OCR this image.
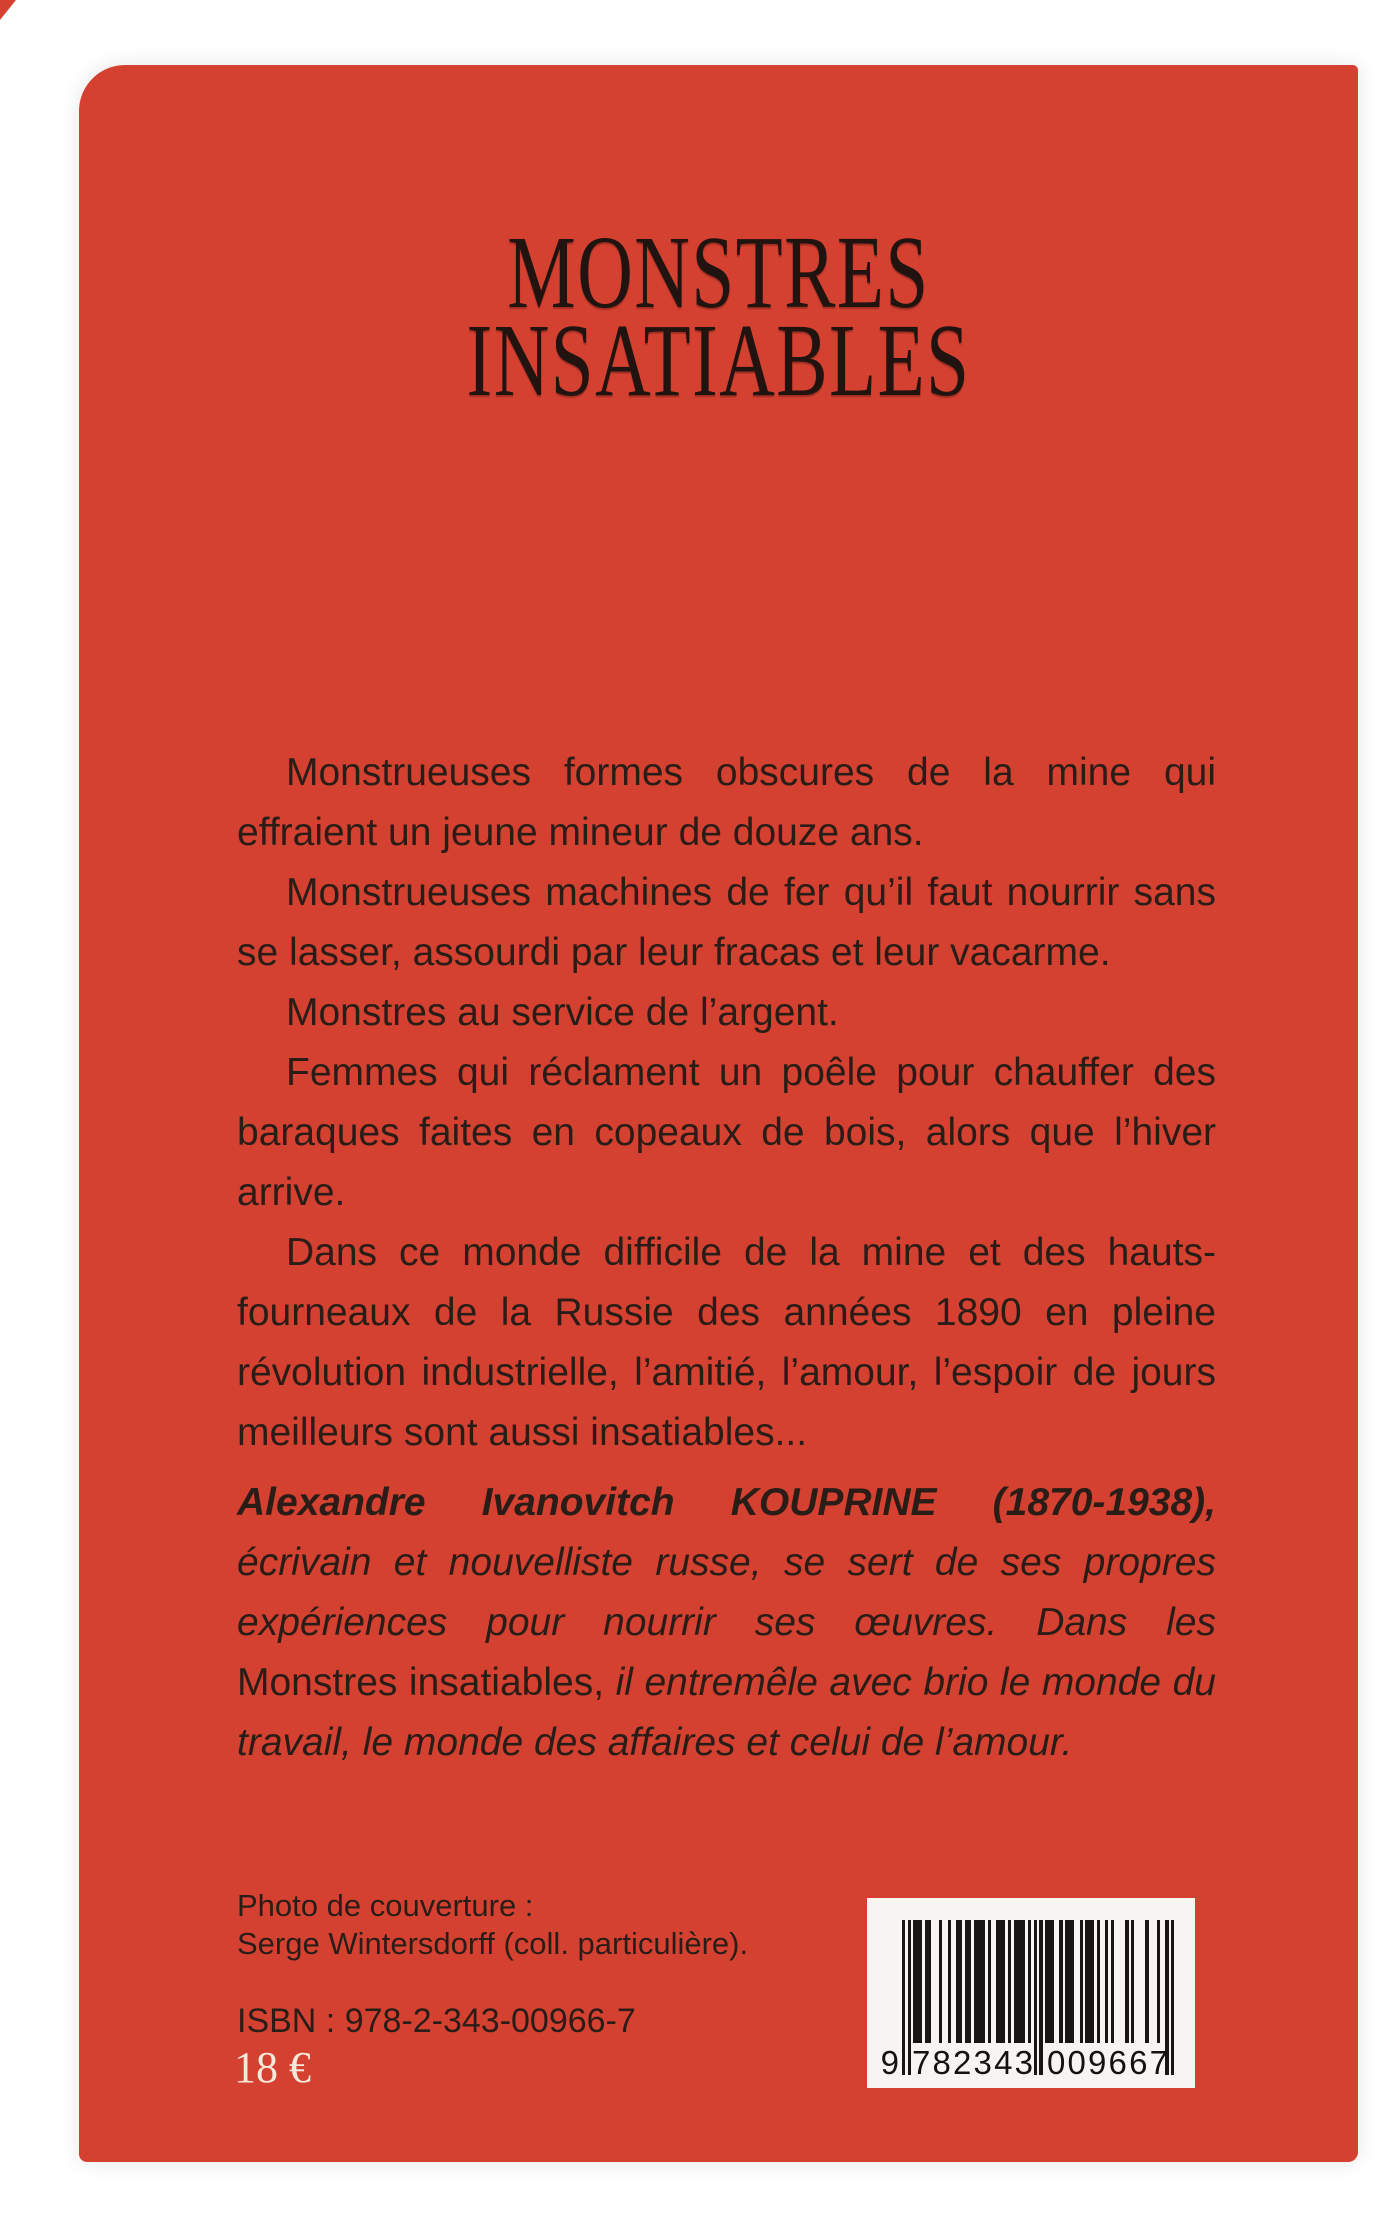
MONSTRES
INSATIABLES

Monstrueuses formes obscures de la mine qui effraient un jeune mineur de douze ans.

Monstrueuses machines de fer qu’il faut nourrir sans se lasser, assourdi par leur fracas et leur vacarme.

Monstres au service de l’argent.

Femmes qui réclament un poêle pour chauffer des baraques faites en copeaux de bois, alors que l’hiver arrive.

Dans ce monde difficile de la mine et des hauts-fourneaux de la Russie des années 1890 en pleine révolution industrielle, l’amitié, l’amour, l’espoir de jours meilleurs sont aussi insatiables...

Alexandre Ivanovitch KOUPRINE (1870-1938), écrivain et nouvelliste russe, se sert de ses propres expériences pour nourrir ses œuvres. Dans les Monstres insatiables, il entremêle avec brio le monde du travail, le monde des affaires et celui de l’amour.
Photo de couverture :
Serge Wintersdorff (coll. particulière).
ISBN : 978-2-343-00966-7
18 €	9 7 8 2 3 4 3 0 0 9 6 6 7
